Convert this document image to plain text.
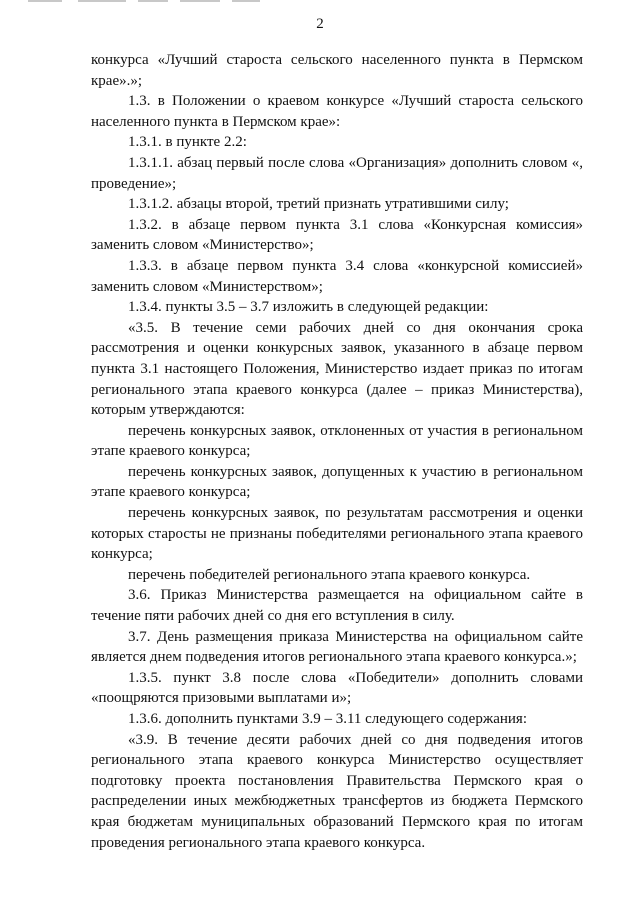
2

конкурса «Лучший староста сельского населенного пункта в Пермском крае».»;

1.3. в Положении о краевом конкурсе «Лучший староста сельского населенного пункта в Пермском крае»:

1.3.1. в пункте 2.2:

1.3.1.1. абзац первый после слова «Организация» дополнить словом «, проведение»;

1.3.1.2. абзацы второй, третий признать утратившими силу;

1.3.2. в абзаце первом пункта 3.1 слова «Конкурсная комиссия» заменить словом «Министерство»;

1.3.3. в абзаце первом пункта 3.4 слова «конкурсной комиссией» заменить словом «Министерством»;

1.3.4. пункты 3.5 – 3.7 изложить в следующей редакции:

«3.5. В течение семи рабочих дней со дня окончания срока рассмотрения и оценки конкурсных заявок, указанного в абзаце первом пункта 3.1 настоящего Положения, Министерство издает приказ по итогам регионального этапа краевого конкурса (далее – приказ Министерства), которым утверждаются:

перечень конкурсных заявок, отклоненных от участия в региональном этапе краевого конкурса;

перечень конкурсных заявок, допущенных к участию в региональном этапе краевого конкурса;

перечень конкурсных заявок, по результатам рассмотрения и оценки которых старосты не признаны победителями регионального этапа краевого конкурса;

перечень победителей регионального этапа краевого конкурса.

3.6. Приказ Министерства размещается на официальном сайте в течение пяти рабочих дней со дня его вступления в силу.

3.7. День размещения приказа Министерства на официальном сайте является днем подведения итогов регионального этапа краевого конкурса.»;

1.3.5. пункт 3.8 после слова «Победители» дополнить словами «поощряются призовыми выплатами и»;

1.3.6. дополнить пунктами 3.9 – 3.11 следующего содержания:

«3.9. В течение десяти рабочих дней со дня подведения итогов регионального этапа краевого конкурса Министерство осуществляет подготовку проекта постановления Правительства Пермского края о распределении иных межбюджетных трансфертов из бюджета Пермского края бюджетам муниципальных образований Пермского края по итогам проведения регионального этапа краевого конкурса.
